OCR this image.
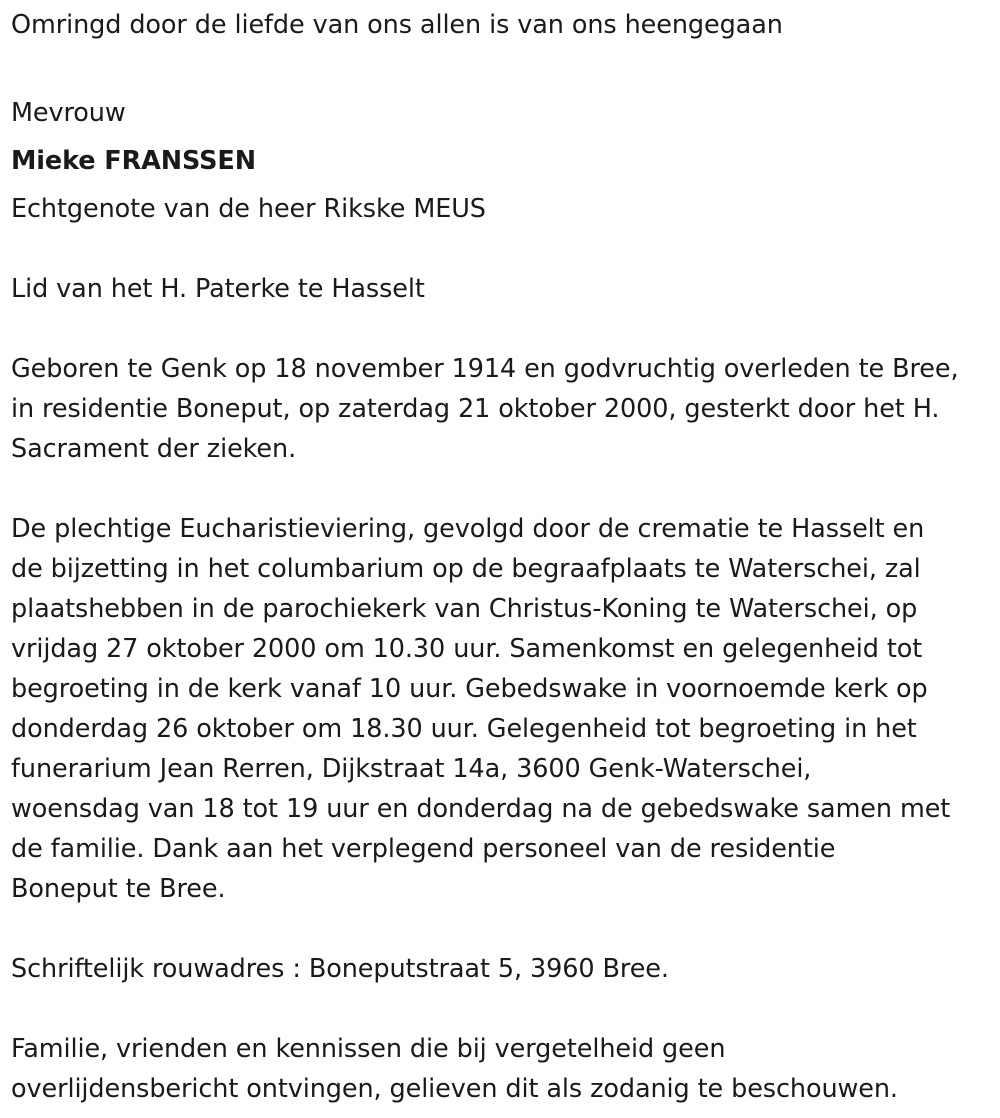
Omringd door de liefde van ons allen is van ons heengegaan
Mevrouw
Mieke FRANSSEN
Echtgenote van de heer Rikske MEUS
Lid van het H. Paterke te Hasselt
Geboren te Genk op 18 november 1914 en godvruchtig overleden te Bree,
in residentie Boneput, op zaterdag 21 oktober 2000, gesterkt door het H.
Sacrament der zieken.
De plechtige Eucharistieviering, gevolgd door de crematie te Hasselt en
de bijzetting in het columbarium op de begraafplaats te Waterschei, zal
plaatshebben in de parochiekerk van Christus-Koning te Waterschei, op
vrijdag 27 oktober 2000 om 10.30 uur. Samenkomst en gelegenheid tot
begroeting in de kerk vanaf 10 uur. Gebedswake in voornoemde kerk op
donderdag 26 oktober om 18.30 uur. Gelegenheid tot begroeting in het
funerarium Jean Rerren, Dijkstraat 14a, 3600 Genk-Waterschei,
woensdag van 18 tot 19 uur en donderdag na de gebedswake samen met
de familie. Dank aan het verplegend personeel van de residentie
Boneput te Bree.
Schriftelijk rouwadres : Boneputstraat 5, 3960 Bree.
Familie, vrienden en kennissen die bij vergetelheid geen
overlijdensbericht ontvingen, gelieven dit als zodanig te beschouwen.
